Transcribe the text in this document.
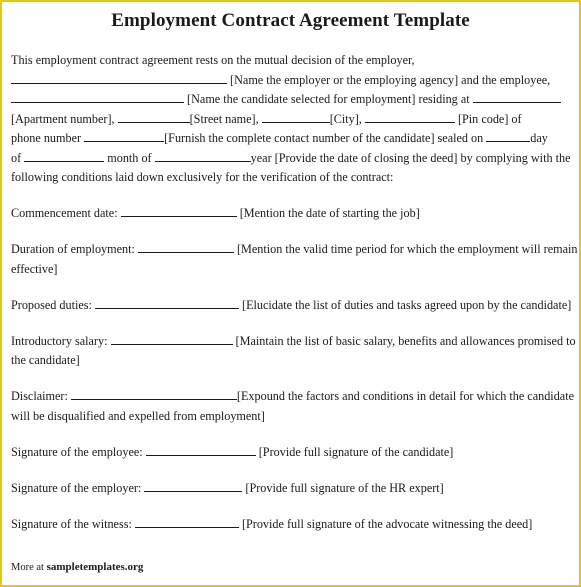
Employment Contract Agreement Template
This employment contract agreement rests on the mutual decision of the employer,
[Name the employer or the employing agency] and the employee,
[Name the candidate selected for employment] residing at
[Apartment number],	[Street name],	[City],	[Pin code] of
phone number	[Furnish the complete contact number of the candidate] sealed on	day
of	month of	year [Provide the date of closing the deed] by complying with the
following conditions laid down exclusively for the verification of the contract:
Commencement date:	[Mention the date of starting the job]
Duration of employment:	[Mention the valid time period for which the employment will remain
effective]
Proposed duties:	[Elucidate the list of duties and tasks agreed upon by the candidate]
Introductory salary:	[Maintain the list of basic salary, benefits and allowances promised to
the candidate]
Disclaimer:	[Expound the factors and conditions in detail for which the candidate
will be disqualified and expelled from employment]
Signature of the employee:	[Provide full signature of the candidate]
Signature of the employer:	[Provide full signature of the HR expert]
Signature of the witness:	[Provide full signature of the advocate witnessing the deed]
More at sampletemplates.org
